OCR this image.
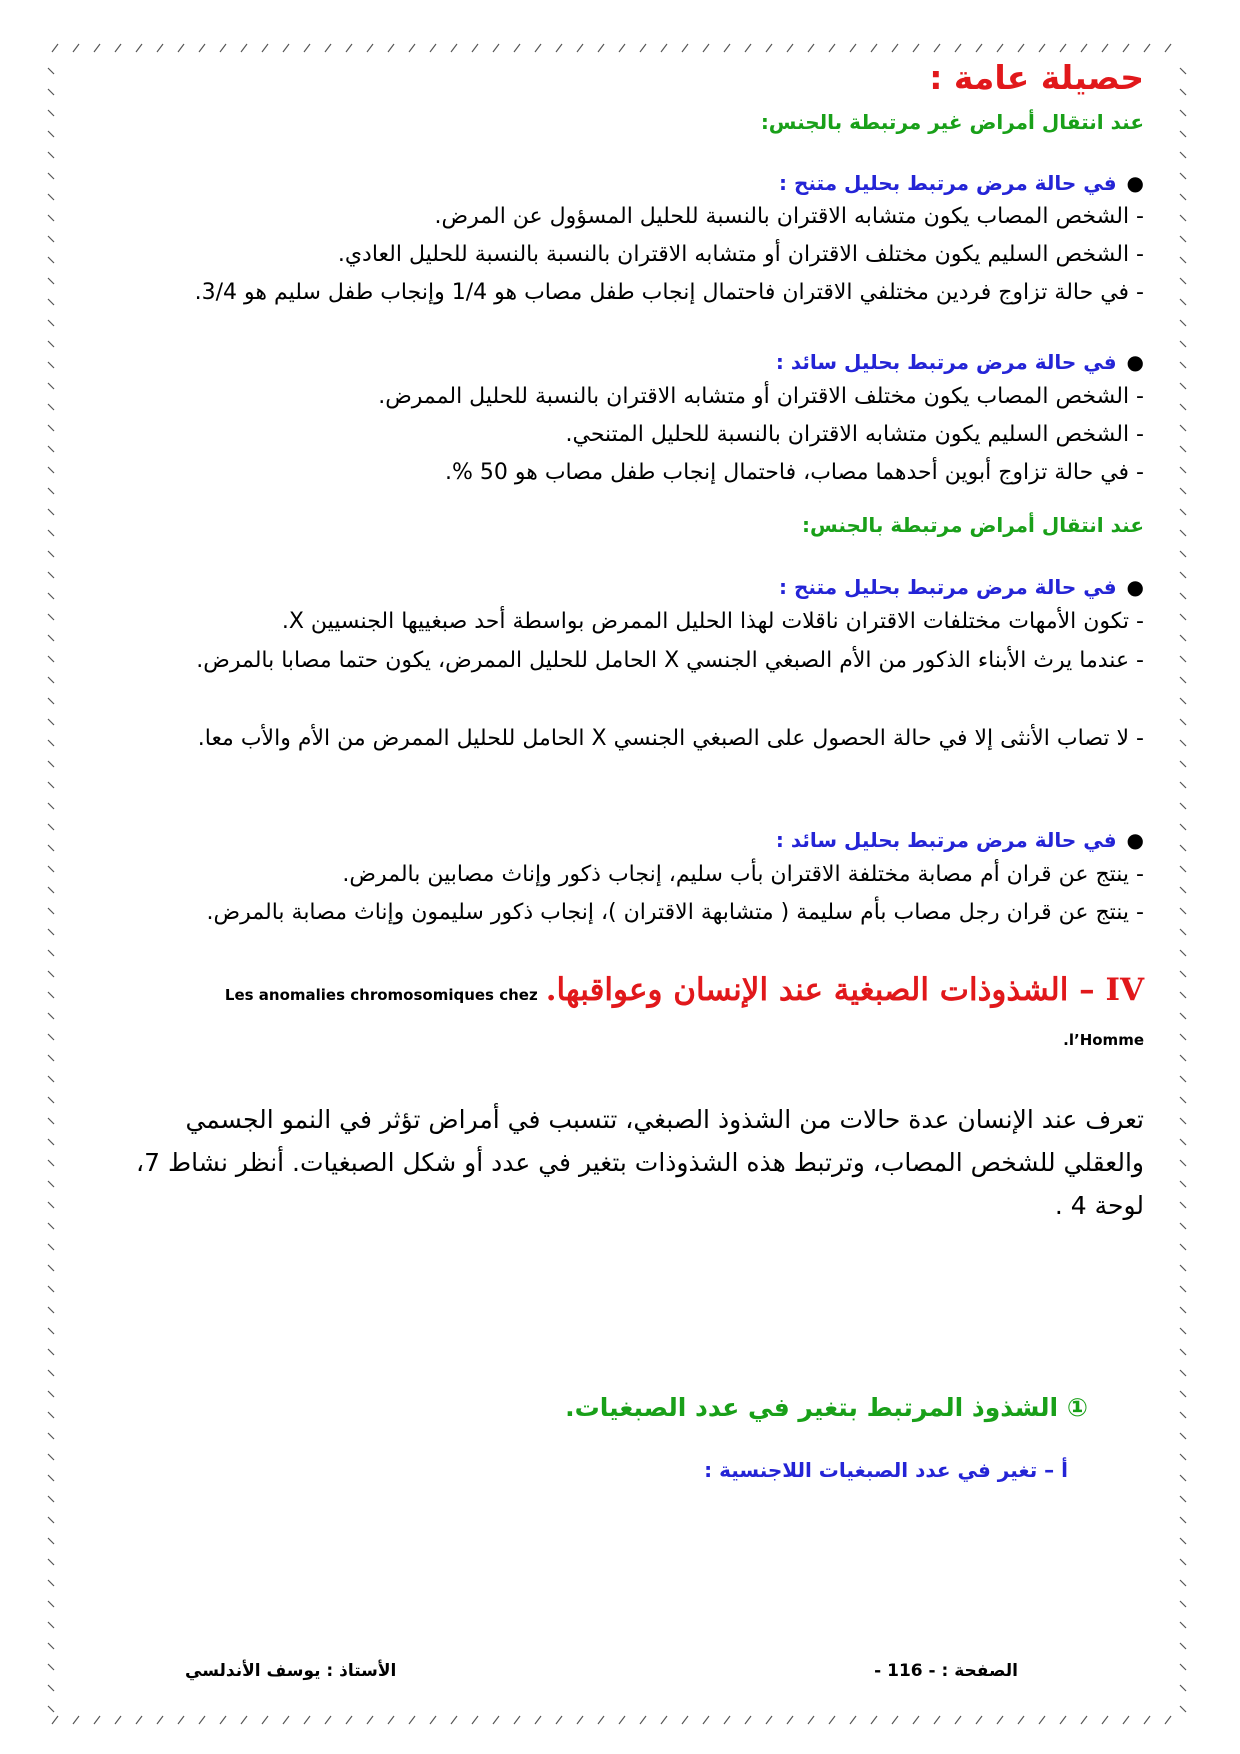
حصيلة عامة :

عند انتقال أمراض غير مرتبطة بالجنس:

●في حالة مرض مرتبط بحليل متنح :

- الشخص المصاب يكون متشابه الاقتران بالنسبة للحليل المسؤول عن المرض.

- الشخص السليم يكون مختلف الاقتران أو متشابه الاقتران بالنسبة بالنسبة للحليل العادي.

- في حالة تزاوج فردين مختلفي الاقتران فاحتمال إنجاب طفل مصاب هو 1/4 وإنجاب طفل سليم هو 3/4.

●في حالة مرض مرتبط بحليل سائد :

- الشخص المصاب يكون مختلف الاقتران أو متشابه الاقتران بالنسبة للحليل الممرض.

- الشخص السليم يكون متشابه الاقتران بالنسبة للحليل المتنحي.

- في حالة تزاوج أبوين أحدهما مصاب، فاحتمال إنجاب طفل مصاب هو 50 %.

عند انتقال أمراض مرتبطة بالجنس:

●في حالة مرض مرتبط بحليل متنح :

- تكون الأمهات مختلفات الاقتران ناقلات لهذا الحليل الممرض بواسطة أحد صبغييها الجنسيين X.

- عندما يرث الأبناء الذكور من الأم الصبغي الجنسي X الحامل للحليل الممرض، يكون حتما مصابا بالمرض.

- لا تصاب الأنثى إلا في حالة الحصول على الصبغي الجنسي X الحامل للحليل الممرض من الأم والأب معا.

●في حالة مرض مرتبط بحليل سائد :

- ينتج عن قران أم مصابة مختلفة الاقتران بأب سليم، إنجاب ذكور وإناث مصابين بالمرض.

- ينتج عن قران رجل مصاب بأم سليمة ( متشابهة الاقتران )، إنجاب ذكور سليمون وإناث مصابة بالمرض.

IV – الشذوذات الصبغية عند الإنسان وعواقبها.Les anomalies chromosomiques chez

l’Homme.

تعرف عند الإنسان عدة حالات من الشذوذ الصبغي، تتسبب في أمراض تؤثر في النمو الجسمي والعقلي للشخص المصاب، وترتبط هذه الشذوذات بتغير في عدد أو شكل الصبغيات. أنظر نشاط 7، لوحة 4 .

① الشذوذ المرتبط بتغير في عدد الصبغيات.

أ – تغير في عدد الصبغيات اللاجنسية :

الأستاذ : يوسف الأندلسي	الصفحة : - 116 -
